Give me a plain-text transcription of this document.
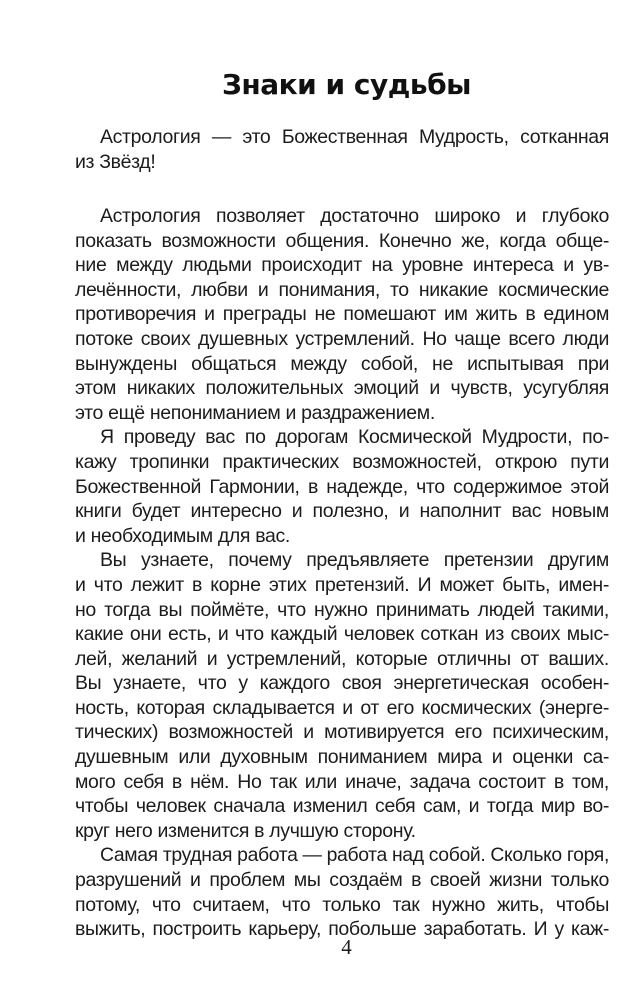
Знаки и судьбы
Астрология — это Божественная Мудрость, сотканная
из Звёзд!
Астрология позволяет достаточно широко и глубоко
показать возможности общения. Конечно же, когда обще-
ние между людьми происходит на уровне интереса и ув-
лечённости, любви и понимания, то никакие космические
противоречия и преграды не помешают им жить в едином
потоке своих душевных устремлений. Но чаще всего люди
вынуждены общаться между собой, не испытывая при
этом никаких положительных эмоций и чувств, усугубляя
это ещё непониманием и раздражением.
Я проведу вас по дорогам Космической Мудрости, по-
кажу тропинки практических возможностей, открою пути
Божественной Гармонии, в надежде, что содержимое этой
книги будет интересно и полезно, и наполнит вас новым
и необходимым для вас.
Вы узнаете, почему предъявляете претензии другим
и что лежит в корне этих претензий. И может быть, имен-
но тогда вы поймёте, что нужно принимать людей такими,
какие они есть, и что каждый человек соткан из своих мыс-
лей, желаний и устремлений, которые отличны от ваших.
Вы узнаете, что у каждого своя энергетическая особен-
ность, которая складывается и от его космических (энерге-
тических) возможностей и мотивируется его психическим,
душевным или духовным пониманием мира и оценки са-
мого себя в нём. Но так или иначе, задача состоит в том,
чтобы человек сначала изменил себя сам, и тогда мир во-
круг него изменится в лучшую сторону.
Самая трудная работа — работа над собой. Сколько горя,
разрушений и проблем мы создаём в своей жизни только
потому, что считаем, что только так нужно жить, чтобы
выжить, построить карьеру, побольше заработать. И у каж-
4
